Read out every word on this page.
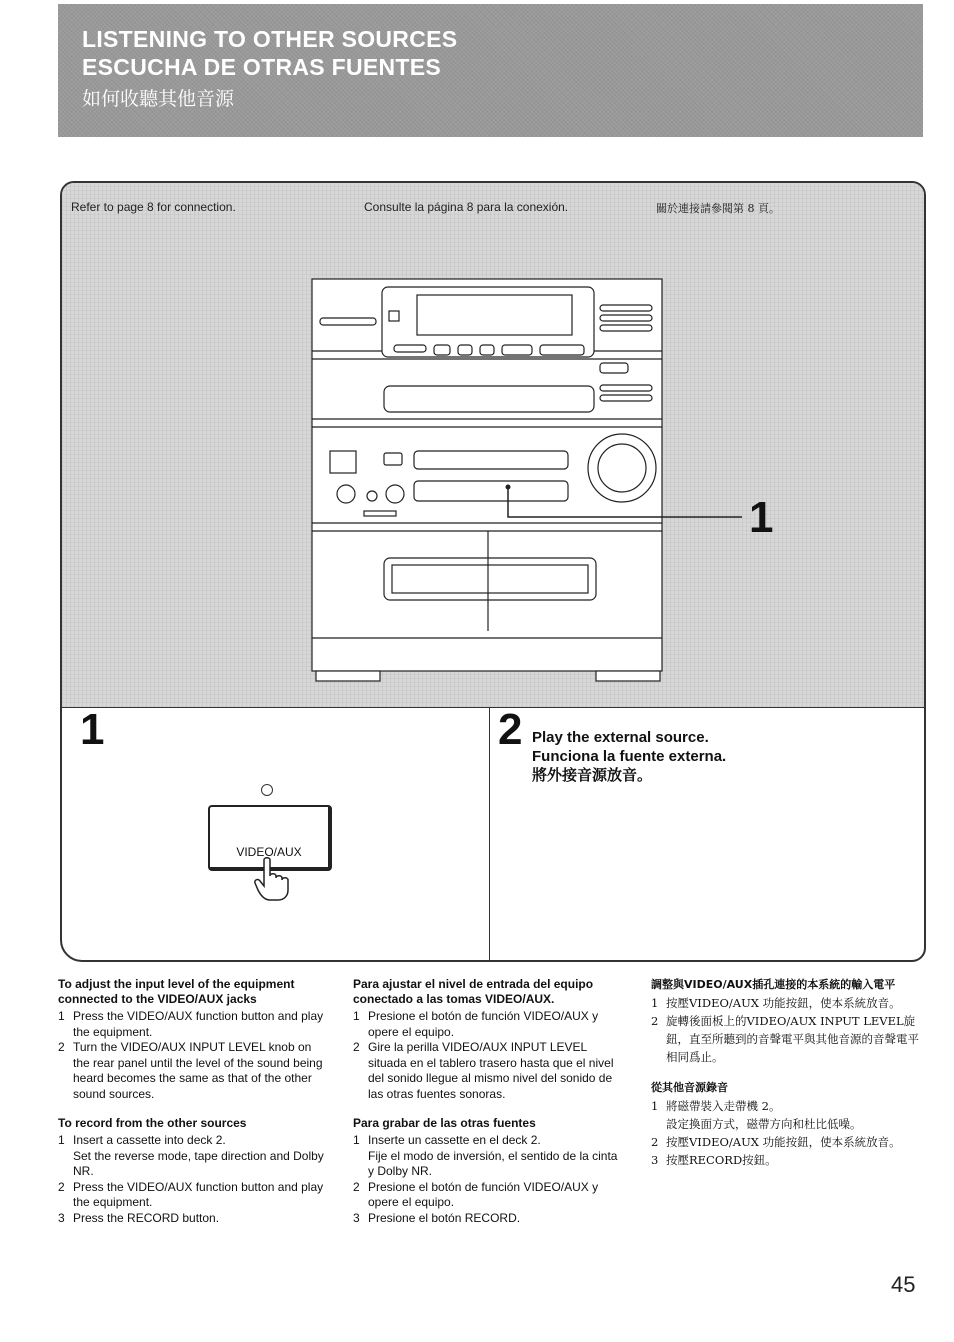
LISTENING TO OTHER SOURCES
ESCUCHA DE OTRAS FUENTES
如何收聽其他音源
Refer to page 8 for connection.	Consulte la página 8 para la conexión.	關於連接請參閱第 8 頁。
1
1
VIDEO/AUX
2 Play the external source.
Funciona la fuente externa.
將外接音源放音。
To adjust the input level of the equipment connected to the VIDEO/AUX jacks
1 Press the VIDEO/AUX function button and play the equipment.
2 Turn the VIDEO/AUX INPUT LEVEL knob on the rear panel until the level of the sound being heard becomes the same as that of the other sound sources.
To record from the other sources
1 Insert a cassette into deck 2.
Set the reverse mode, tape direction and Dolby NR.
2 Press the VIDEO/AUX function button and play the equipment.
3 Press the RECORD button.
Para ajustar el nivel de entrada del equipo conectado a las tomas VIDEO/AUX.
1 Presione el botón de función VIDEO/AUX y opere el equipo.
2 Gire la perilla VIDEO/AUX INPUT LEVEL situada en el tablero trasero hasta que el nivel del sonido llegue al mismo nivel del sonido de las otras fuentes sonoras.
Para grabar de las otras fuentes
1 Inserte un cassette en el deck 2.
Fije el modo de inversión, el sentido de la cinta y Dolby NR.
2 Presione el botón de función VIDEO/AUX y opere el equipo.
3 Presione el botón RECORD.
調整與VIDEO/AUX插孔連接的本系統的輸入電平
1 按壓VIDEO/AUX 功能按鈕，使本系統放音。
2 旋轉後面板上的VIDEO/AUX INPUT LEVEL旋鈕，直至所聽到的音聲電平與其他音源的音聲電平相同爲止。
從其他音源錄音
1 將磁帶裝入走帶機 2。
設定換面方式，磁帶方向和杜比低噪。
2 按壓VIDEO/AUX 功能按鈕，使本系統放音。
3 按壓RECORD按鈕。
45
